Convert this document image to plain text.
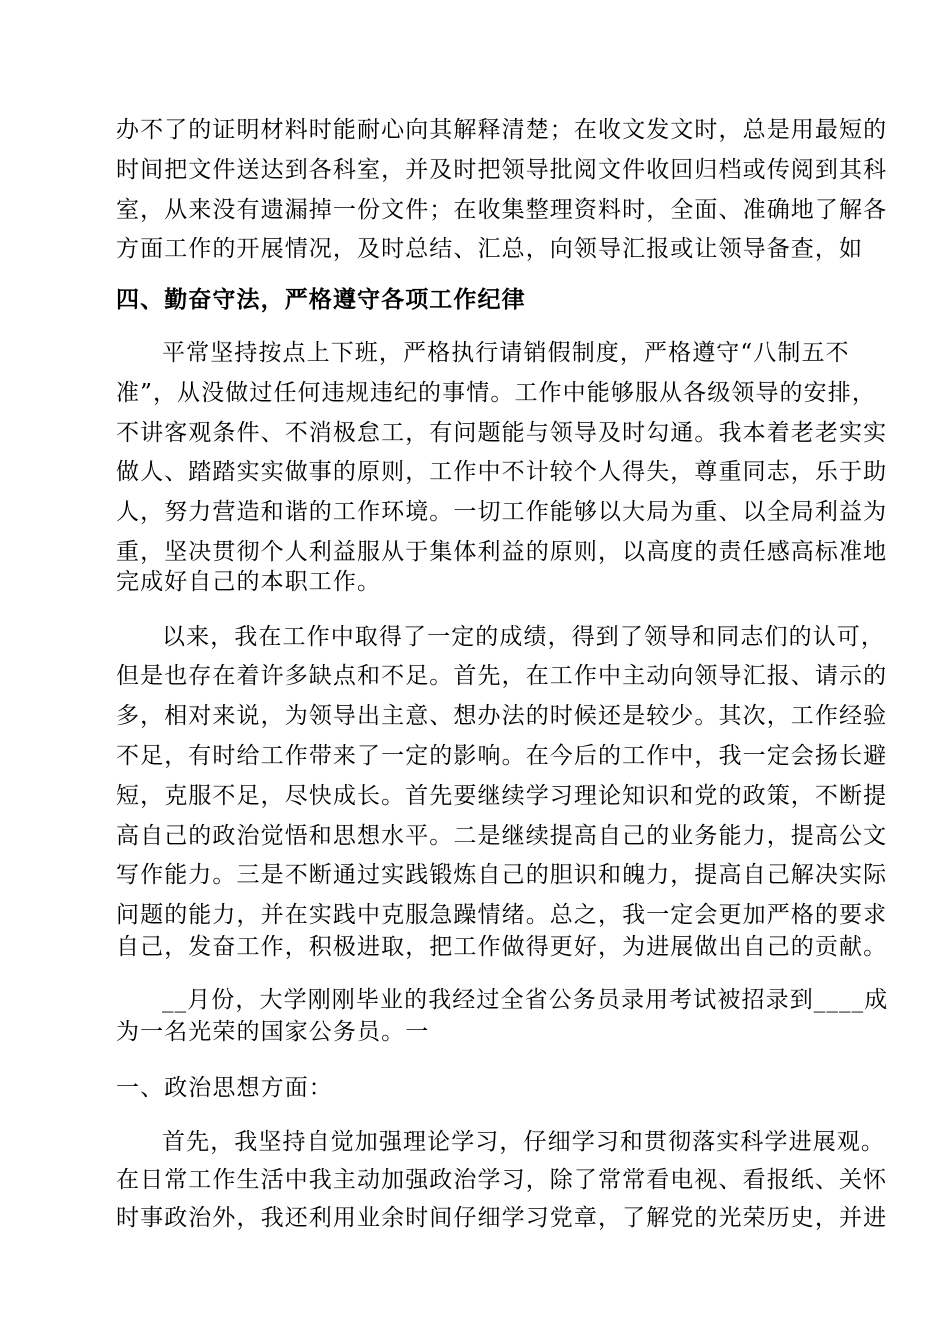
办不了的证明材料时能耐心向其解释清楚；在收文发文时，总是用最短的
时间把文件送达到各科室，并及时把领导批阅文件收回归档或传阅到其科
室，从来没有遗漏掉一份文件；在收集整理资料时，全面、准确地了解各
方面工作的开展情况，及时总结、汇总，向领导汇报或让领导备查，如
四、勤奋守法，严格遵守各项工作纪律
平常坚持按点上下班，严格执行请销假制度，严格遵守“八制五不
准”，从没做过任何违规违纪的事情。工作中能够服从各级领导的安排，
不讲客观条件、不消极怠工，有问题能与领导及时勾通。我本着老老实实
做人、踏踏实实做事的原则，工作中不计较个人得失，尊重同志，乐于助
人，努力营造和谐的工作环境。一切工作能够以大局为重、以全局利益为
重，坚决贯彻个人利益服从于集体利益的原则，以高度的责任感高标准地
完成好自己的本职工作。
以来，我在工作中取得了一定的成绩，得到了领导和同志们的认可，
但是也存在着许多缺点和不足。首先，在工作中主动向领导汇报、请示的
多，相对来说，为领导出主意、想办法的时候还是较少。其次，工作经验
不足，有时给工作带来了一定的影响。在今后的工作中，我一定会扬长避
短，克服不足，尽快成长。首先要继续学习理论知识和党的政策，不断提
高自己的政治觉悟和思想水平。二是继续提高自己的业务能力，提高公文
写作能力。三是不断通过实践锻炼自己的胆识和魄力，提高自己解决实际
问题的能力，并在实践中克服急躁情绪。总之，我一定会更加严格的要求
自己，发奋工作，积极进取，把工作做得更好，为进展做出自己的贡献。
__月份，大学刚刚毕业的我经过全省公务员录用考试被招录到____成
为一名光荣的国家公务员。一
一、政治思想方面：
首先，我坚持自觉加强理论学习，仔细学习和贯彻落实科学进展观。
在日常工作生活中我主动加强政治学习，除了常常看电视、看报纸、关怀
时事政治外，我还利用业余时间仔细学习党章，了解党的光荣历史，并进
